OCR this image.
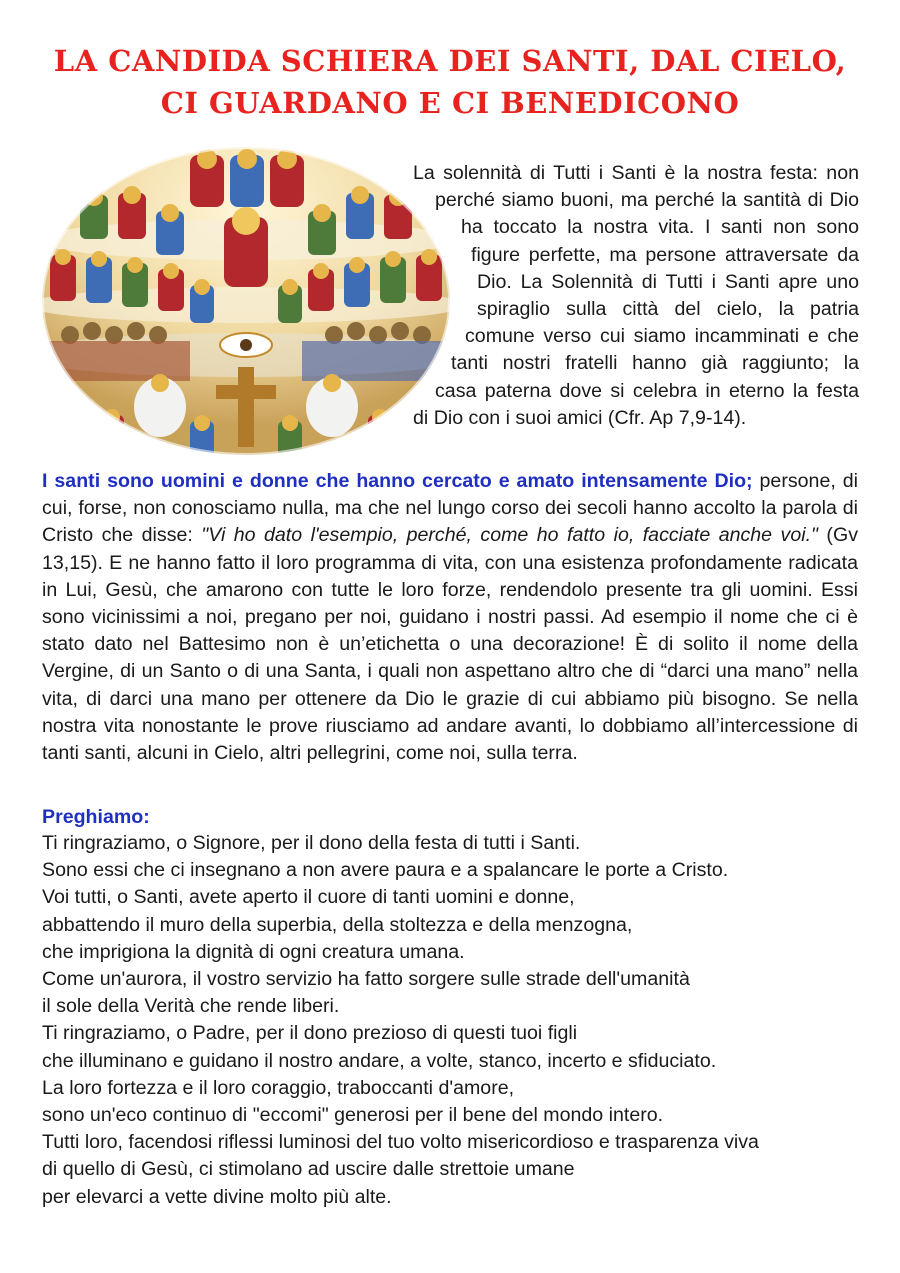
LA CANDIDA SCHIERA DEI SANTI, DAL CIELO,
CI GUARDANO E CI BENEDICONO
La solennità di Tutti i Santi è la nostra festa: non
perché siamo buoni, ma perché la santità di Dio
ha toccato la nostra vita. I santi non sono
figure perfette, ma persone attraversate da
Dio. La Solennità di Tutti i Santi apre uno
spiraglio sulla città del cielo, la patria
comune verso cui siamo incamminati e che
tanti nostri fratelli hanno già raggiunto; la
casa paterna dove si celebra in eterno la festa
di Dio con i suoi amici (Cfr. Ap 7,9-14).

I santi sono uomini e donne che hanno cercato e amato intensamente Dio; persone, di cui, forse, non conosciamo nulla, ma che nel lungo corso dei secoli hanno accolto la parola di Cristo che disse: "Vi ho dato l'esempio, perché, come ho fatto io, facciate anche voi." (Gv 13,15). E ne hanno fatto il loro programma di vita, con una esistenza profondamente radicata in Lui, Gesù, che amarono con tutte le loro forze, rendendolo presente tra gli uomini. Essi sono vicinissimi a noi, pregano per noi, guidano i nostri passi. Ad esempio il nome che ci è stato dato nel Battesimo non è un’etichetta o una decorazione! È di solito il nome della Vergine, di un Santo o di una Santa, i quali non aspettano altro che di “darci una mano” nella vita, di darci una mano per ottenere da Dio le grazie di cui abbiamo più bisogno. Se nella nostra vita nonostante le prove riusciamo ad andare avanti, lo dobbiamo all’intercessione di tanti santi, alcuni in Cielo, altri pellegrini, come noi, sulla terra.

Preghiamo:
Ti ringraziamo, o Signore, per il dono della festa di tutti i Santi.
Sono essi che ci insegnano a non avere paura e a spalancare le porte a Cristo.
Voi tutti, o Santi, avete aperto il cuore di tanti uomini e donne,
abbattendo il muro della superbia, della stoltezza e della menzogna,
che imprigiona la dignità di ogni creatura umana.
Come un'aurora, il vostro servizio ha fatto sorgere sulle strade dell'umanità
il sole della Verità che rende liberi.
Ti ringraziamo, o Padre, per il dono prezioso di questi tuoi figli
che illuminano e guidano il nostro andare, a volte, stanco, incerto e sfiduciato.
La loro fortezza e il loro coraggio, traboccanti d'amore,
sono un'eco continuo di "eccomi" generosi per il bene del mondo intero.
Tutti loro, facendosi riflessi luminosi del tuo volto misericordioso e trasparenza viva
di quello di Gesù, ci stimolano ad uscire dalle strettoie umane
per elevarci a vette divine molto più alte.
